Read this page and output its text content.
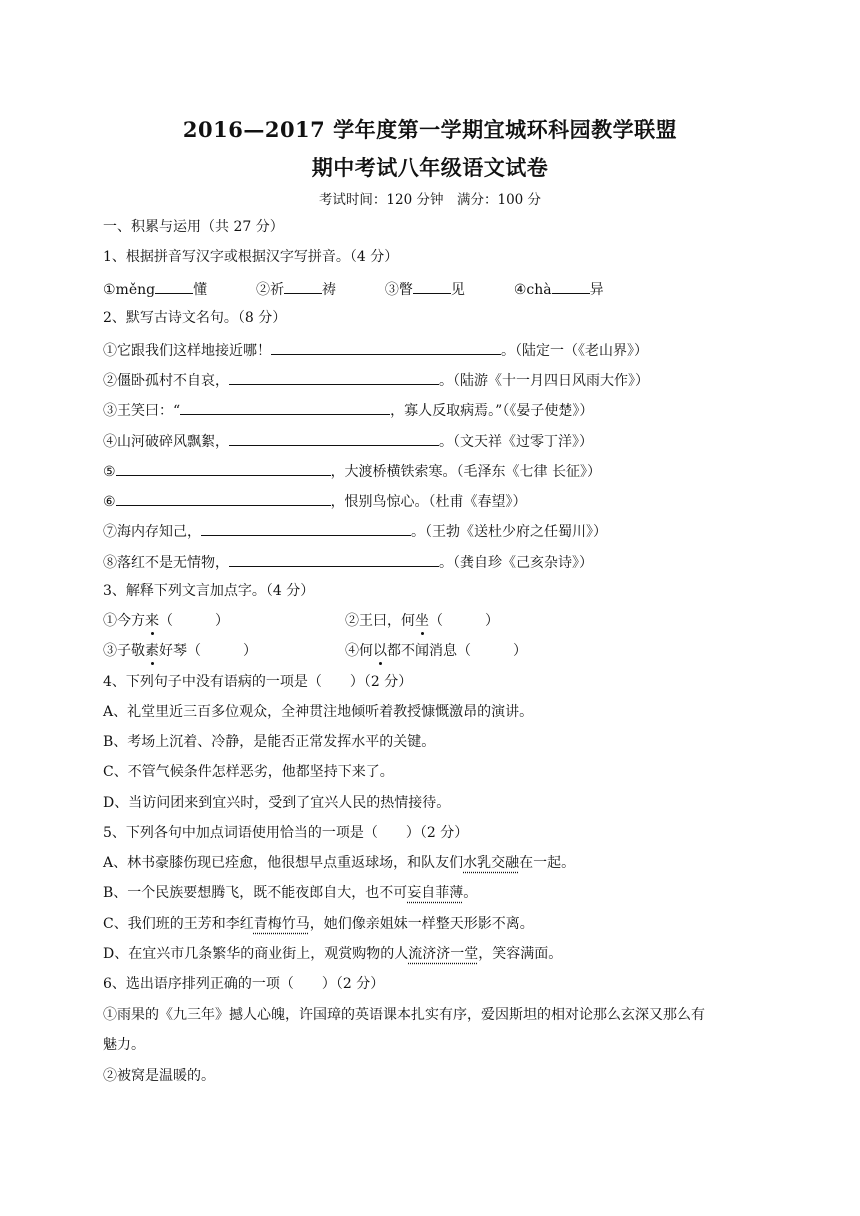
2016—2017 学年度第一学期宜城环科园教学联盟
期中考试八年级语文试卷
考试时间：120 分钟　满分：100 分
一、积累与运用（共 27 分）
1、根据拼音写汉字或根据汉字写拼音。（4 分）
①měng	懂	②祈	祷	③瞥	见	④chà	异
2、默写古诗文名句。（8 分）
①它跟我们这样地接近哪！	。（陆定一（《老山界》）
②僵卧孤村不自哀，	。（陆游《十一月四日风雨大作》）
③王笑曰：“	，寡人反取病焉。”（《晏子使楚》）
④山河破碎风飘絮，	。（文天祥《过零丁洋》）
⑤	，大渡桥横铁索寒。（毛泽东《七律 长征》）
⑥	，恨别鸟惊心。（杜甫《春望》）
⑦海内存知己，	。（王勃《送杜少府之任蜀川》）
⑧落红不是无情物，	。（龚自珍《己亥杂诗》）
3、解释下列文言加点字。（4 分）
①今方来（　　　）	②王曰，何坐（　　　）
③子敬素好琴（　　　）	④何以都不闻消息（　　　）
4、下列句子中没有语病的一项是（　　）（2 分）
A、礼堂里近三百多位观众，全神贯注地倾听着教授慷慨激昂的演讲。
B、考场上沉着、冷静，是能否正常发挥水平的关键。
C、不管气候条件怎样恶劣，他都坚持下来了。
D、当访问团来到宜兴时，受到了宜兴人民的热情接待。
5、下列各句中加点词语使用恰当的一项是（　　）（2 分）
A、林书豪膝伤现已痊愈，他很想早点重返球场，和队友们水乳交融在一起。
B、一个民族要想腾飞，既不能夜郎自大，也不可妄自菲薄。
C、我们班的王芳和李红青梅竹马，她们像亲姐妹一样整天形影不离。
D、在宜兴市几条繁华的商业街上，观赏购物的人流济济一堂，笑容满面。
6、选出语序排列正确的一项（　　）（2 分）
①雨果的《九三年》撼人心魄，许国璋的英语课本扎实有序，爱因斯坦的相对论那么玄深又那么有
魅力。
②被窝是温暖的。
